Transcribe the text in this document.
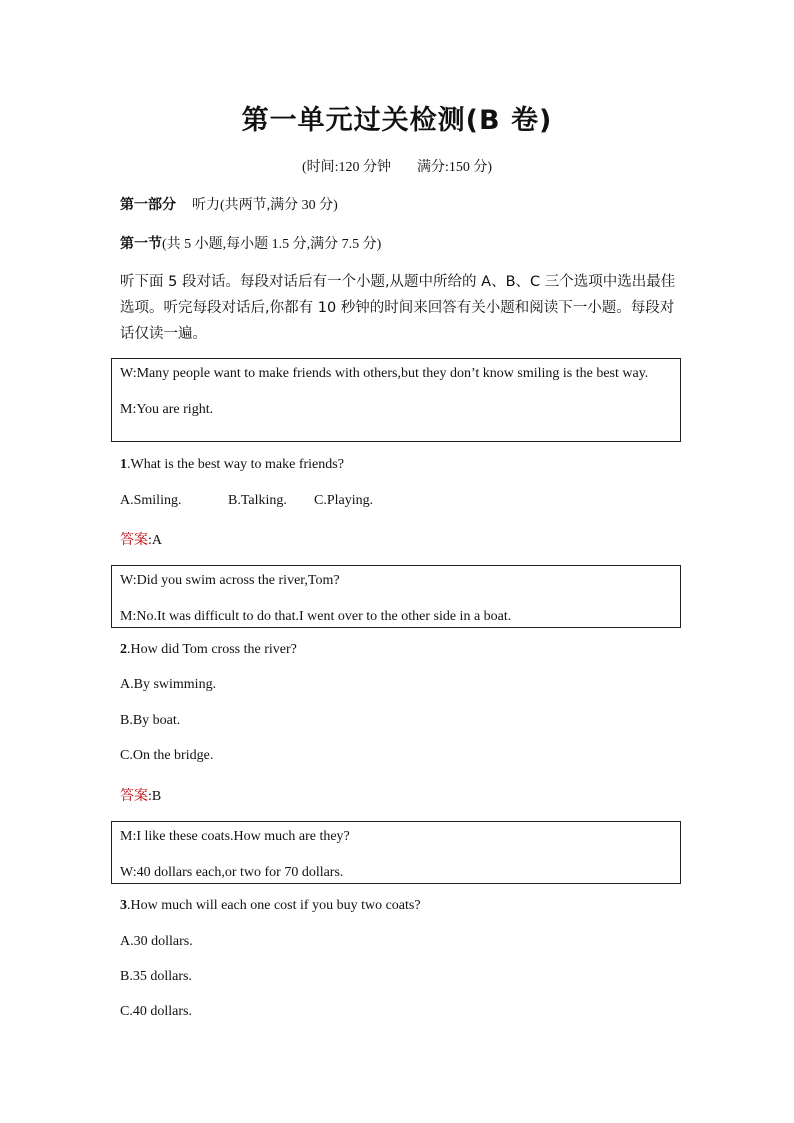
第一单元过关检测(B 卷)
(时间:120 分钟 满分:150 分)
第一部分 听力(共两节,满分 30 分)
第一节(共 5 小题,每小题 1.5 分,满分 7.5 分)
听下面 5 段对话。每段对话后有一个小题,从题中所给的 A、B、C 三个选项中选出最佳选项。听完每段对话后,你都有 10 秒钟的时间来回答有关小题和阅读下一小题。每段对话仅读一遍。
W:Many people want to make friends with others,but they don’t know smiling is the best way.
M:You are right.
1.What is the best way to make friends?
A.Smiling.	B.Talking. C.Playing.
答案:A
W:Did you swim across the river,Tom?
M:No.It was difficult to do that.I went over to the other side in a boat.
2.How did Tom cross the river?
A.By swimming.
B.By boat.
C.On the bridge.
答案:B
M:I like these coats.How much are they?
W:40 dollars each,or two for 70 dollars.
3.How much will each one cost if you buy two coats?
A.30 dollars.
B.35 dollars.
C.40 dollars.
